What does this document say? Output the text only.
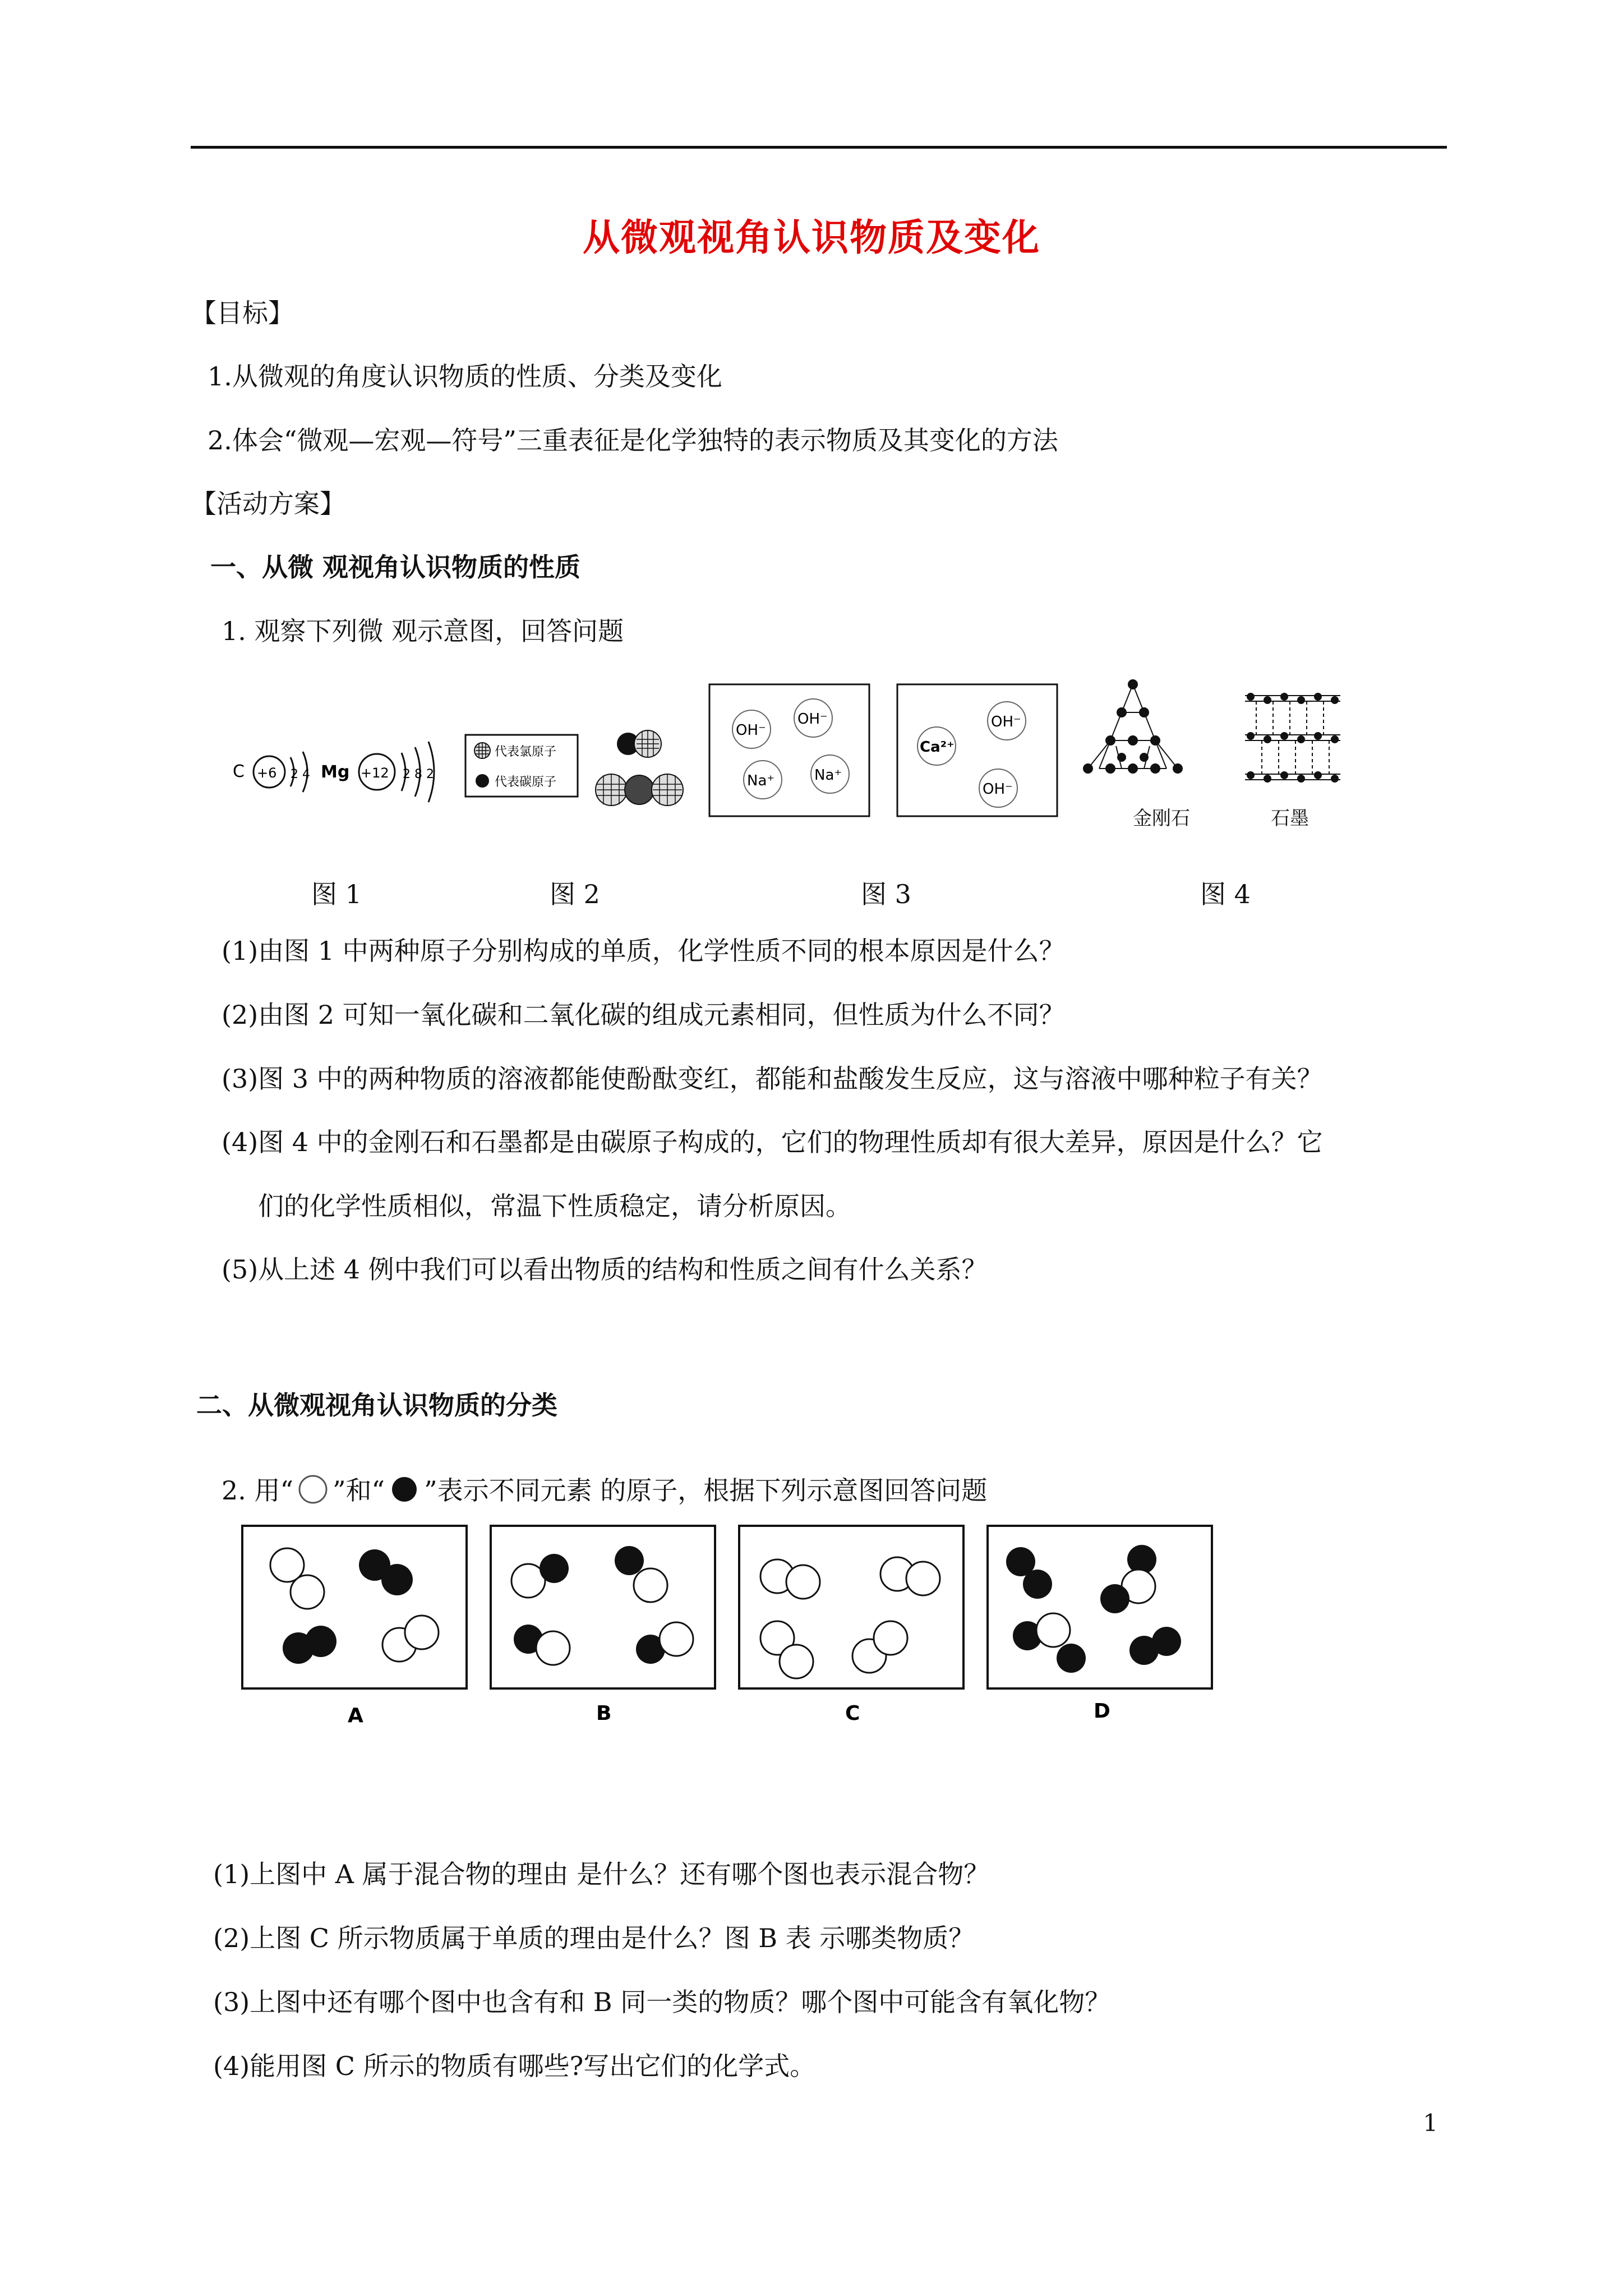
从微观视角认识物质及变化
【目标】
1.从微观的角度认识物质的性质、分类及变化
2.体会“微观—宏观—符号”三重表征是化学独特的表示物质及其变化的方法
【活动方案】
一、从微 观视角认识物质的性质
1. 观察下列微 观示意图，回答问题
C +6 2 4 Mg +12 2 8 2
代表氯原子
代表碳原子
OH⁻
OH⁻
Na⁺	Na⁺
Ca²⁺
OH⁻
OH⁻
金刚石	石墨
图 1	图 2	图 3	图 4
(1)由图 1 中两种原子分别构成的单质，化学性质不同的根本原因是什么？
(2)由图 2 可知一氧化碳和二氧化碳的组成元素相同，但性质为什么不同？
(3)图 3 中的两种物质的溶液都能使酚酞变红，都能和盐酸发生反应，这与溶液中哪种粒子有关？
(4)图 4 中的金刚石和石墨都是由碳原子构成的，它们的物理性质却有很大差异，原因是什么？它
们的化学性质相似，常温下性质稳定，请分析原因。
(5)从上述 4 例中我们可以看出物质的结构和性质之间有什么关系？
二、从微观视角认识物质的分类
2. 用“ ”和“ ”表示不同元素 的原子，根据下列示意图回答问题
A	B	C	D
(1)上图中 A 属于混合物的理由 是什么？还有哪个图也表示混合物？
(2)上图 C 所示物质属于单质的理由是什么？图 B 表 示哪类物质？
(3)上图中还有哪个图中也含有和 B 同一类的物质？哪个图中可能含有氧化物？
(4)能用图 C 所示的物质有哪些?写出它们的化学式。
1
